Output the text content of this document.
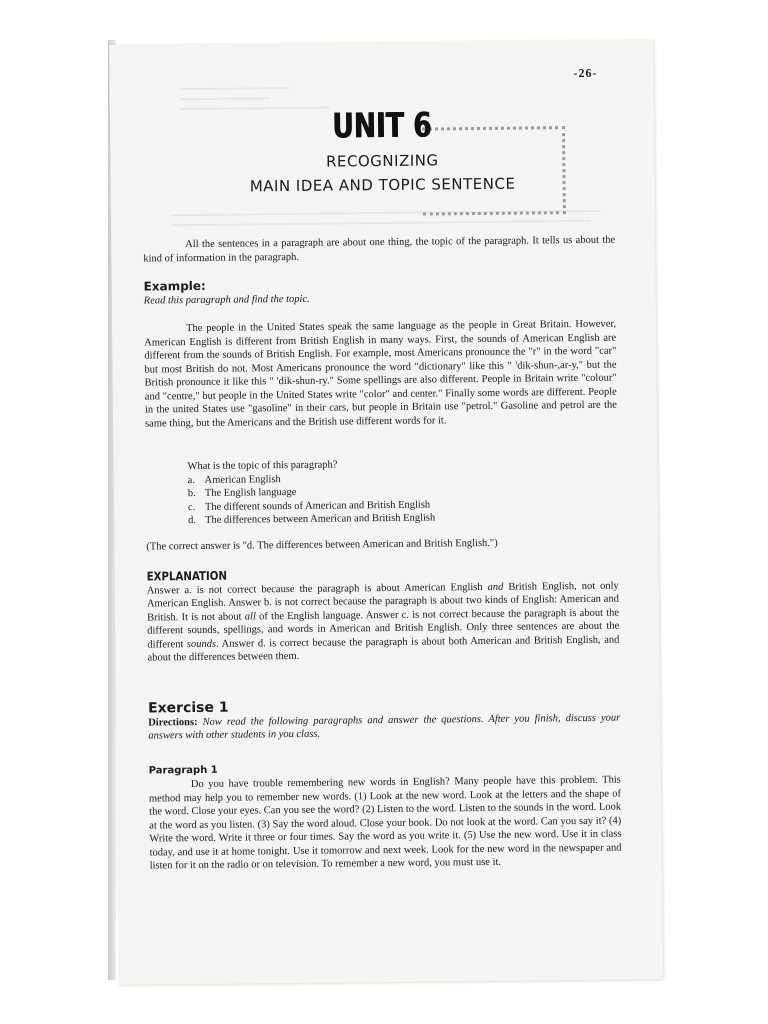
-26-
UNIT 6
RECOGNIZING
MAIN IDEA AND TOPIC SENTENCE
All the sentences in a paragraph are about one thing, the topic of the paragraph. It tells us about the kind of information in the paragraph.
Example:
Read this paragraph and find the topic.
The people in the United States speak the same language as the people in Great Britain. However, American English is different from British English in many ways. First, the sounds of American English are different from the sounds of British English. For example, most Americans pronounce the "r" in the word "car" but most British do not. Most Americans pronounce the word "dictionary" like this " 'dik-shun-,ar-y," but the British pronounce it like this " 'dik-shun-ry." Some spellings are also different. People in Britain write "colour" and "centre," but people in the United States write "color" and center." Finally some words are different. People in the united States use "gasoline" in their cars, but people in Britain use "petrol." Gasoline and petrol are the same thing, but the Americans and the British use different words for it.
What is the topic of this paragraph?
a. American English
b. The English language
c. The different sounds of American and British English
d. The differences between American and British English
(The correct answer is "d. The differences between American and British English.")
EXPLANATION
Answer a. is not correct because the paragraph is about American English and British English, not only American English. Answer b. is not correct because the paragraph is about two kinds of English: American and British. It is not about all of the English language. Answer c. is not correct because the paragraph is about the different sounds, spellings, and words in American and British English. Only three sentences are about the different sounds. Answer d. is correct because the paragraph is about both American and British English, and about the differences between them.
Exercise 1
Directions: Now read the following paragraphs and answer the questions. After you finish, discuss your answers with other students in you class.
Paragraph 1
Do you have trouble remembering new words in English? Many people have this problem. This method may help you to remember new words. (1) Look at the new word. Look at the letters and the shape of the word. Close your eyes. Can you see the word? (2) Listen to the word. Listen to the sounds in the word. Look at the word as you listen. (3) Say the word aloud. Close your book. Do not look at the word. Can you say it? (4) Write the word. Write it three or four times. Say the word as you write it. (5) Use the new word. Use it in class today, and use it at home tonight. Use it tomorrow and next week. Look for the new word in the newspaper and listen for it on the radio or on television. To remember a new word, you must use it.
